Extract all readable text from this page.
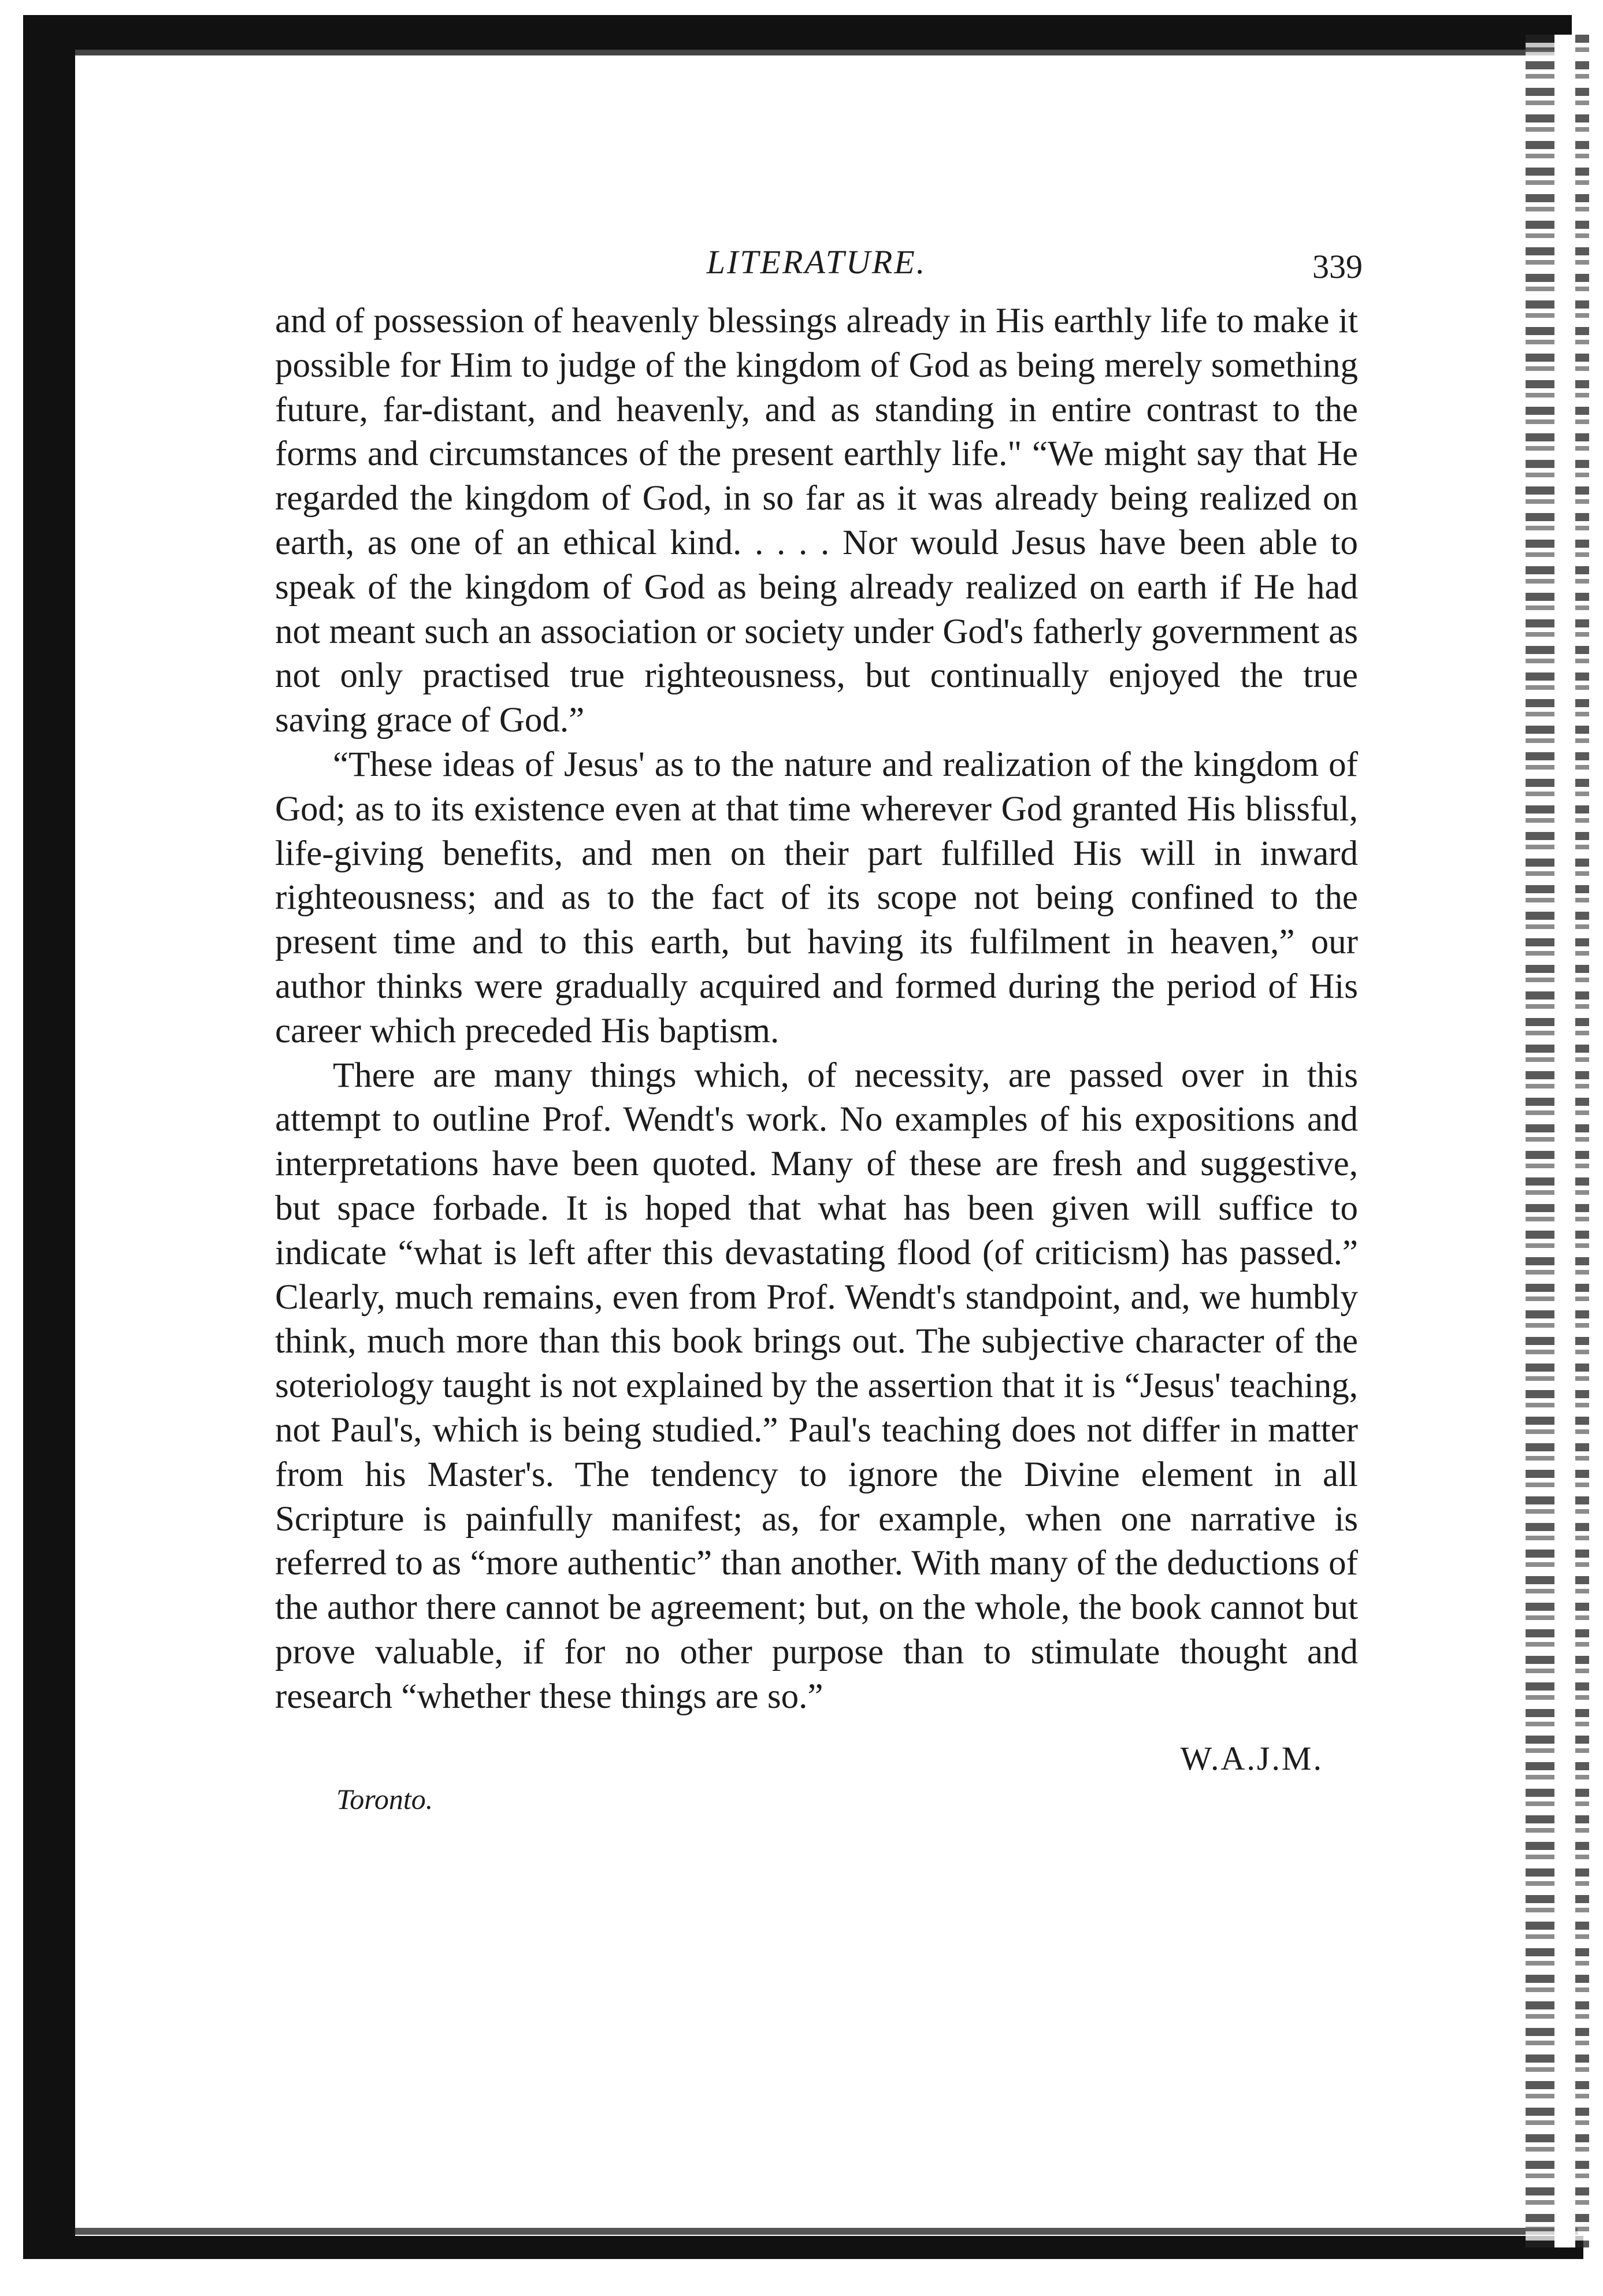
LITERATURE.	339

and of possession of heavenly blessings already in His earthly life to make it possible for Him to judge of the kingdom of God as being merely something future, far-distant, and heavenly, and as standing in entire contrast to the forms and circumstances of the present earthly life." “We might say that He regarded the kingdom of God, in so far as it was already being realized on earth, as one of an ethical kind. . . . . Nor would Jesus have been able to speak of the kingdom of God as being already realized on earth if He had not meant such an association or society under God's fatherly government as not only practised true righteousness, but continually enjoyed the true saving grace of God.”

“These ideas of Jesus' as to the nature and realization of the kingdom of God; as to its existence even at that time wherever God granted His blissful, life-giving benefits, and men on their part fulfilled His will in inward righteousness; and as to the fact of its scope not being confined to the present time and to this earth, but having its fulfilment in heaven,” our author thinks were gradually acquired and formed during the period of His career which preceded His baptism.

There are many things which, of necessity, are passed over in this attempt to outline Prof. Wendt's work. No examples of his expositions and interpretations have been quoted. Many of these are fresh and suggestive, but space forbade. It is hoped that what has been given will suffice to indicate “what is left after this devastating flood (of criticism) has passed.” Clearly, much remains, even from Prof. Wendt's standpoint, and, we humbly think, much more than this book brings out. The subjective character of the soteriology taught is not explained by the assertion that it is “Jesus' teaching, not Paul's, which is being studied.” Paul's teaching does not differ in matter from his Master's. The tendency to ignore the Divine element in all Scripture is painfully manifest; as, for example, when one narrative is referred to as “more authentic” than another. With many of the deductions of the author there cannot be agreement; but, on the whole, the book cannot but prove valuable, if for no other purpose than to stimulate thought and research “whether these things are so.”

W.A.J.M.
Toronto.
